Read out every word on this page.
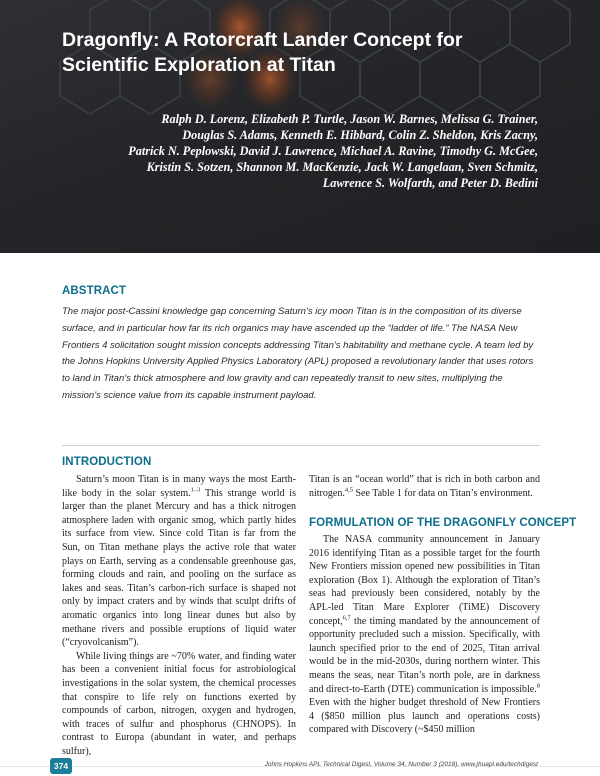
Dragonfly: A Rotorcraft Lander Concept for
Scientific Exploration at Titan
Ralph D. Lorenz, Elizabeth P. Turtle, Jason W. Barnes, Melissa G. Trainer,
Douglas S. Adams, Kenneth E. Hibbard, Colin Z. Sheldon, Kris Zacny,
Patrick N. Peplowski, David J. Lawrence, Michael A. Ravine, Timothy G. McGee,
Kristin S. Sotzen, Shannon M. MacKenzie, Jack W. Langelaan, Sven Schmitz,
Lawrence S. Wolfarth, and Peter D. Bedini
ABSTRACT

The major post-Cassini knowledge gap concerning Saturn’s icy moon Titan is in the composition of its diverse surface, and in particular how far its rich organics may have ascended up the “ladder of life.” The NASA New Frontiers 4 solicitation sought mission concepts addressing Titan’s habitability and methane cycle. A team led by the Johns Hopkins University Applied Physics Laboratory (APL) proposed a revolutionary lander that uses rotors to land in Titan’s thick atmosphere and low gravity and can repeatedly transit to new sites, multiplying the mission’s science value from its capable instrument payload.

INTRODUCTION

Saturn’s moon Titan is in many ways the most Earth-like body in the solar system.$^{1-3}$ This strange world is larger than the planet Mercury and has a thick nitrogen atmosphere laden with organic smog, which partly hides its surface from view. Since cold Titan is far from the Sun, on Titan methane plays the active role that water plays on Earth, serving as a condensable greenhouse gas, forming clouds and rain, and pooling on the surface as lakes and seas. Titan’s carbon-rich surface is shaped not only by impact craters and by winds that sculpt drifts of aromatic organics into long linear dunes but also by methane rivers and possible eruptions of liquid water (“cryovolcanism”).

While living things are ~70% water, and finding water has been a convenient initial focus for astrobiological investigations in the solar system, the chemical processes that conspire to life rely on functions exerted by compounds of carbon, nitrogen, oxygen and hydrogen, with traces of sulfur and phosphorus (CHNOPS). In contrast to Europa (abundant in water, and perhaps sulfur),

Titan is an “ocean world” that is rich in both carbon and nitrogen.$^{4,5}$ See Table 1 for data on Titan’s environment.

FORMULATION OF THE DRAGONFLY CONCEPT

The NASA community announcement in January 2016 identifying Titan as a possible target for the fourth New Frontiers mission opened new possibilities in Titan exploration (Box 1). Although the exploration of Titan’s seas had previously been considered, notably by the APL-led Titan Mare Explorer (TiME) Discovery concept,$^{6,7}$ the timing mandated by the announcement of opportunity precluded such a mission. Specifically, with launch specified prior to the end of 2025, Titan arrival would be in the mid-2030s, during northern winter. This means the seas, near Titan’s north pole, are in darkness and direct-to-Earth (DTE) communication is impossible.$^8$ Even with the higher budget threshold of New Frontiers 4 ($850 million plus launch and operations costs) compared with Discovery (~$450 million

374	Johns Hopkins APL Technical Digest, Volume 34, Number 3 (2018), www.jhuapl.edu/techdigest
